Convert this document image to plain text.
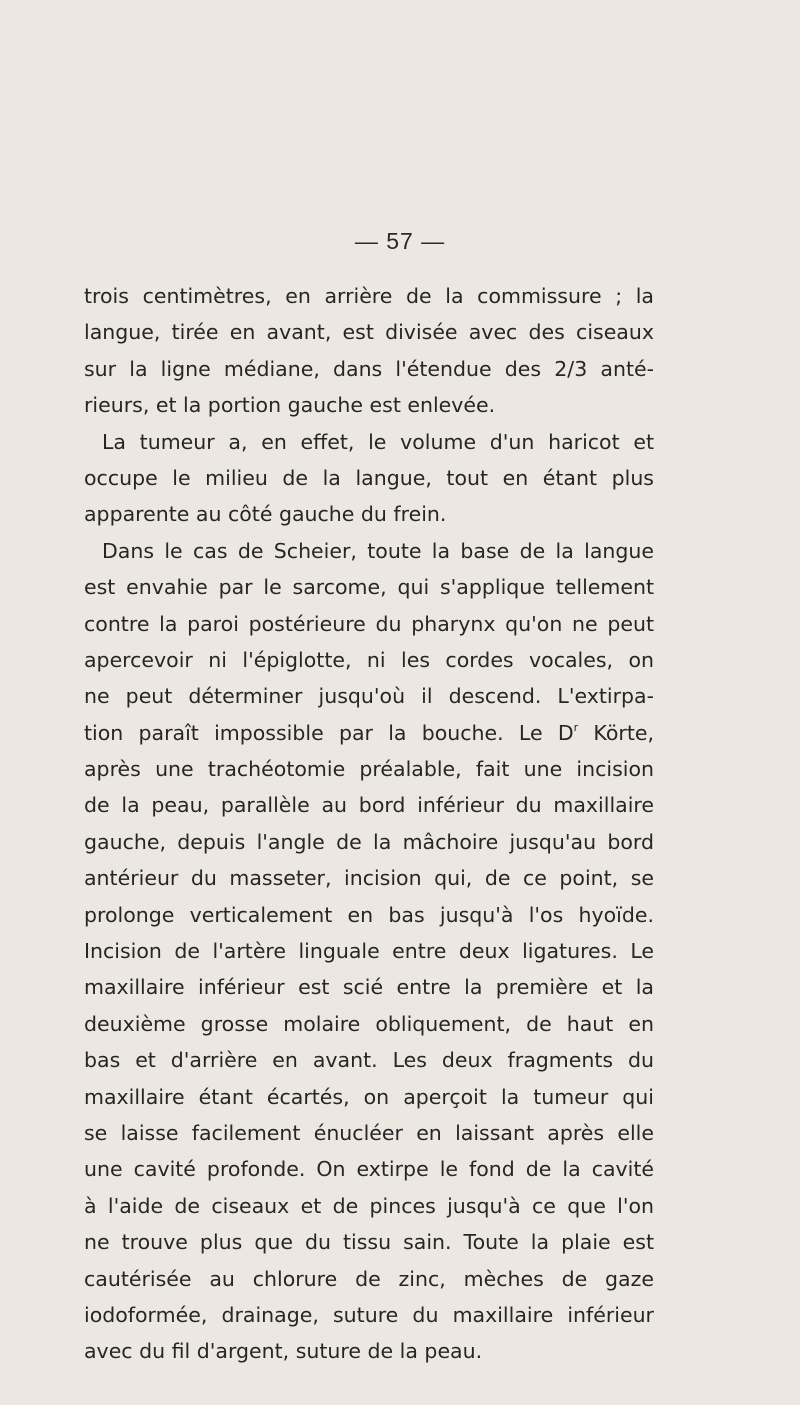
— 57 —
trois centimètres, en arrière de la commissure ; la
langue, tirée en avant, est divisée avec des ciseaux
sur la ligne médiane, dans l'étendue des 2/3 anté-
rieurs, et la portion gauche est enlevée.
La tumeur a, en effet, le volume d'un haricot et
occupe le milieu de la langue, tout en étant plus
apparente au côté gauche du frein.
Dans le cas de Scheier, toute la base de la langue
est envahie par le sarcome, qui s'applique tellement
contre la paroi postérieure du pharynx qu'on ne peut
apercevoir ni l'épiglotte, ni les cordes vocales, on
ne peut déterminer jusqu'où il descend. L'extirpa-
tion paraît impossible par la bouche. Le $D^r$ Körte,
après une trachéotomie préalable, fait une incision
de la peau, parallèle au bord inférieur du maxillaire
gauche, depuis l'angle de la mâchoire jusqu'au bord
antérieur du masseter, incision qui, de ce point, se
prolonge verticalement en bas jusqu'à l'os hyoïde.
Incision de l'artère linguale entre deux ligatures. Le
maxillaire inférieur est scié entre la première et la
deuxième grosse molaire obliquement, de haut en
bas et d'arrière en avant. Les deux fragments du
maxillaire étant écartés, on aperçoit la tumeur qui
se laisse facilement énucléer en laissant après elle
une cavité profonde. On extirpe le fond de la cavité
à l'aide de ciseaux et de pinces jusqu'à ce que l'on
ne trouve plus que du tissu sain. Toute la plaie est
cautérisée au chlorure de zinc, mèches de gaze
iodoformée, drainage, suture du maxillaire inférieur
avec du fil d'argent, suture de la peau.
